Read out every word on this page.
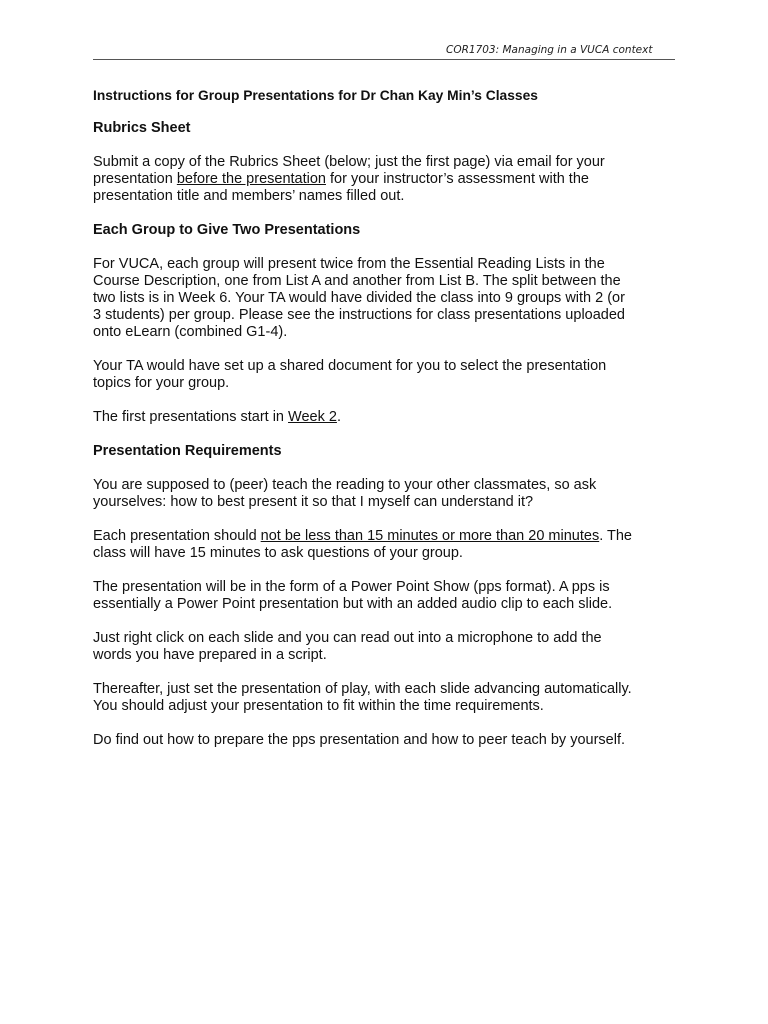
COR1703: Managing in a VUCA context
Instructions for Group Presentations for Dr Chan Kay Min’s Classes
Rubrics Sheet

Submit a copy of the Rubrics Sheet (below; just the first page) via email for your
presentation before the presentation for your instructor’s assessment with the
presentation title and members’ names filled out.

Each Group to Give Two Presentations

For VUCA, each group will present twice from the Essential Reading Lists in the
Course Description, one from List A and another from List B. The split between the
two lists is in Week 6. Your TA would have divided the class into 9 groups with 2 (or
3 students) per group. Please see the instructions for class presentations uploaded
onto eLearn (combined G1-4).

Your TA would have set up a shared document for you to select the presentation
topics for your group.

The first presentations start in Week 2.

Presentation Requirements

You are supposed to (peer) teach the reading to your other classmates, so ask
yourselves: how to best present it so that I myself can understand it?

Each presentation should not be less than 15 minutes or more than 20 minutes. The
class will have 15 minutes to ask questions of your group.

The presentation will be in the form of a Power Point Show (pps format). A pps is
essentially a Power Point presentation but with an added audio clip to each slide.

Just right click on each slide and you can read out into a microphone to add the
words you have prepared in a script.

Thereafter, just set the presentation of play, with each slide advancing automatically.
You should adjust your presentation to fit within the time requirements.

Do find out how to prepare the pps presentation and how to peer teach by yourself.
